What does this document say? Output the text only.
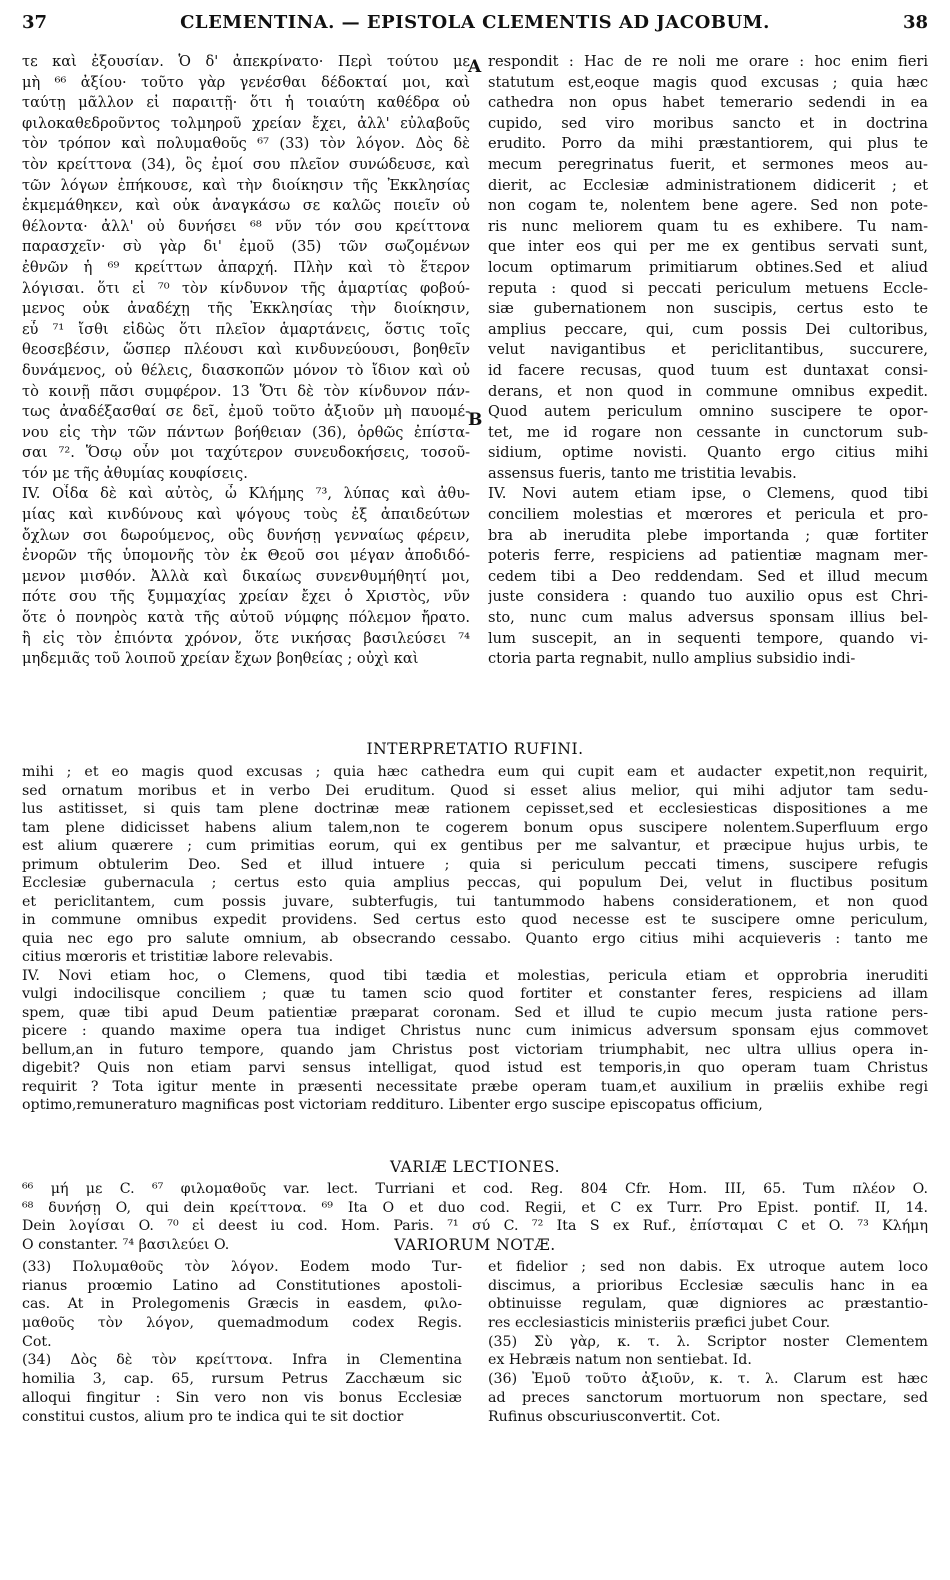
37	CLEMENTINA. — EPISTOLA CLEMENTIS AD JACOBUM.	38
τε καὶ ἐξουσίαν. Ὁ δ' ἀπεκρίνατο· Περὶ τούτου με
μὴ ⁶⁶ ἀξίου· τοῦτο γὰρ γενέσθαι δέδοκταί μοι, καὶ
ταύτῃ μᾶλλον εἰ παραιτῇ· ὅτι ἡ τοιαύτη καθέδρα οὐ
φιλοκαθεδροῦντος τολμηροῦ χρείαν ἔχει, ἀλλ' εὐλαβοῦς
τὸν τρόπον καὶ πολυμαθοῦς ⁶⁷ (33) τὸν λόγον. Δὸς δὲ
τὸν κρείττονα (34), ὃς ἐμοί σου πλεῖον συνώδευσε, καὶ
τῶν λόγων ἐπήκουσε, καὶ τὴν διοίκησιν τῆς Ἐκκλησίας
ἐκμεμάθηκεν, καὶ οὐκ ἀναγκάσω σε καλῶς ποιεῖν οὐ
θέλοντα· ἀλλ' οὐ δυνήσει ⁶⁸ νῦν τόν σου κρείττονα
παρασχεῖν· σὺ γὰρ δι' ἐμοῦ (35) τῶν σωζομένων
ἐθνῶν ἡ ⁶⁹ κρείττων ἀπαρχή. Πλὴν καὶ τὸ ἕτερον
λόγισαι. ὅτι εἰ ⁷⁰ τὸν κίνδυνον τῆς ἁμαρτίας φοβού-
μενος οὐκ ἀναδέχῃ τῆς Ἐκκλησίας τὴν διοίκησιν,
εὖ ⁷¹ ἴσθι εἰδὼς ὅτι πλεῖον ἁμαρτάνεις, ὅστις τοῖς
θεοσεβέσιν, ὥσπερ πλέουσι καὶ κινδυνεύουσι, βοηθεῖν
δυνάμενος, οὐ θέλεις, διασκοπῶν μόνον τὸ ἴδιον καὶ οὐ
τὸ κοινῇ πᾶσι συμφέρον. 13 Ὅτι δὲ τὸν κίνδυνον πάν-
τως ἀναδέξασθαί σε δεῖ, ἐμοῦ τοῦτο ἀξιοῦν μὴ παυομέ-
νου εἰς τὴν τῶν πάντων βοήθειαν (36), ὀρθῶς ἐπίστα-
σαι ⁷². Ὅσῳ οὖν μοι ταχύτερον συνευδοκήσεις, τοσοῦ-
τόν με τῆς ἀθυμίας κουφίσεις.
IV. Οἶδα δὲ καὶ αὐτὸς, ὦ Κλήμης ⁷³, λύπας καὶ ἀθυ-
μίας καὶ κινδύνους καὶ ψόγους τοὺς ἐξ ἀπαιδεύτων
ὄχλων σοι δωρούμενος, οὓς δυνήσῃ γενναίως φέρειν,
ἐνορῶν τῆς ὑπομονῆς τὸν ἐκ Θεοῦ σοι μέγαν ἀποδιδό-
μενον μισθόν. Ἀλλὰ καὶ δικαίως συνενθυμήθητί μοι,
πότε σου τῆς ξυμμαχίας χρείαν ἔχει ὁ Χριστὸς, νῦν
ὅτε ὁ πονηρὸς κατὰ τῆς αὐτοῦ νύμφης πόλεμον ἤρατο.
ἢ εἰς τὸν ἐπιόντα χρόνον, ὅτε νικήσας βασιλεύσει ⁷⁴
μηδεμιᾶς τοῦ λοιποῦ χρείαν ἔχων βοηθείας ; οὐχὶ καὶ
A
B
respondit : Hac de re noli me orare : hoc enim fieri
statutum est,eoque magis quod excusas ; quia hæc
cathedra non opus habet temerario sedendi in ea
cupido, sed viro moribus sancto et in doctrina
erudito. Porro da mihi præstantiorem, qui plus te
mecum peregrinatus fuerit, et sermones meos au-
dierit, ac Ecclesiæ administrationem didicerit ; et
non cogam te, nolentem bene agere. Sed non pote-
ris nunc meliorem quam tu es exhibere. Tu nam-
que inter eos qui per me ex gentibus servati sunt,
locum optimarum primitiarum obtines.Sed et aliud
reputa : quod si peccati periculum metuens Eccle-
siæ gubernationem non suscipis, certus esto te
amplius peccare, qui, cum possis Dei cultoribus,
velut navigantibus et periclitantibus, succurere,
id facere recusas, quod tuum est duntaxat consi-
derans, et non quod in commune omnibus expedit.
Quod autem periculum omnino suscipere te opor-
tet, me id rogare non cessante in cunctorum sub-
sidium, optime novisti. Quanto ergo citius mihi
assensus fueris, tanto me tristitia levabis.
IV. Novi autem etiam ipse, o Clemens, quod tibi
conciliem molestias et mœrores et pericula et pro-
bra ab inerudita plebe importanda ; quæ fortiter
poteris ferre, respiciens ad patientiæ magnam mer-
cedem tibi a Deo reddendam. Sed et illud mecum
juste considera : quando tuo auxilio opus est Chri-
sto, nunc cum malus adversus sponsam illius bel-
lum suscepit, an in sequenti tempore, quando vi-
ctoria parta regnabit, nullo amplius subsidio indi-
INTERPRETATIO RUFINI.
mihi ; et eo magis quod excusas ; quia hæc cathedra eum qui cupit eam et audacter expetit,non requirit,
sed ornatum moribus et in verbo Dei eruditum. Quod si esset alius melior, qui mihi adjutor tam sedu-
lus astitisset, si quis tam plene doctrinæ meæ rationem cepisset,sed et ecclesiesticas dispositiones a me
tam plene didicisset habens alium talem,non te cogerem bonum opus suscipere nolentem.Superfluum ergo
est alium quærere ; cum primitias eorum, qui ex gentibus per me salvantur, et præcipue hujus urbis, te
primum obtulerim Deo. Sed et illud intuere ; quia si periculum peccati timens, suscipere refugis
Ecclesiæ gubernacula ; certus esto quia amplius peccas, qui populum Dei, velut in fluctibus positum
et periclitantem, cum possis juvare, subterfugis, tui tantummodo habens considerationem, et non quod
in commune omnibus expedit providens. Sed certus esto quod necesse est te suscipere omne periculum,
quia nec ego pro salute omnium, ab obsecrando cessabo. Quanto ergo citius mihi acquieveris : tanto me
citius mœroris et tristitiæ labore relevabis.
IV. Novi etiam hoc, o Clemens, quod tibi tædia et molestias, pericula etiam et opprobria ineruditi
vulgi indocilisque conciliem ; quæ tu tamen scio quod fortiter et constanter feres, respiciens ad illam
spem, quæ tibi apud Deum patientiæ præparat coronam. Sed et illud te cupio mecum justa ratione pers-
picere : quando maxime opera tua indiget Christus nunc cum inimicus adversum sponsam ejus commovet
bellum,an in futuro tempore, quando jam Christus post victoriam triumphabit, nec ultra ullius opera in-
digebit? Quis non etiam parvi sensus intelligat, quod istud est temporis,in quo operam tuam Christus
requirit ? Tota igitur mente in præsenti necessitate præbe operam tuam,et auxilium in præliis exhibe regi
optimo,remuneraturo magnificas post victoriam redditurο. Libenter ergo suscipe episcopatus officium,
VARIÆ LECTIONES.
⁶⁶ μή με C. ⁶⁷ φιλομαθοῦς var. lect. Turriani et cod. Reg. 804 Cfr. Hom. III, 65. Tum πλέον O.
⁶⁸ δυνήσῃ O, qui dein κρείττονα. ⁶⁹ Ita O et duo cod. Regii, et C ex Turr. Pro Epist. pontif. II, 14.
Dein λογίσαι O. ⁷⁰ εἰ deest iu cod. Hom. Paris. ⁷¹ σύ C. ⁷² Ita S ex Ruf., ἐπίσταμαι C et O. ⁷³ Κλήμη
O constanter. ⁷⁴ βασιλεύει O.	VARIORUM NOTÆ.
(33) Πολυμαθοῦς τὸν λόγον. Eodem modo Tur-
rianus proœmio Latino ad Constitutiones apostoli-
cas. At in Prolegomenis Græcis in easdem, φιλο-
μαθοῦς τὸν λόγον, quemadmodum codex Regis.
Cot.
(34) Δὸς δὲ τὸν κρείττονα. Infra in Clementina
homilia 3, cap. 65, rursum Petrus Zacchæum sic
alloqui fingitur : Sin vero non vis bonus Ecclesiæ
constitui custos, alium pro te indica qui te sit doctior
et fidelior ; sed non dabis. Ex utroque autem loco
discimus, a prioribus Ecclesiæ sæculis hanc in ea
obtinuisse regulam, quæ digniores ac præstantio-
res ecclesiasticis ministeriis præfici jubet Cour.
(35) Σὺ γὰρ, κ. τ. λ. Scriptor noster Clementem
ex Hebræis natum non sentiebat. Id.
(36) Ἐμοῦ τοῦτο ἀξιοῦν, κ. τ. λ. Clarum est hæc
ad preces sanctorum mortuorum non spectare, sed
Rufinus obscuriusconvertit. Cot.
